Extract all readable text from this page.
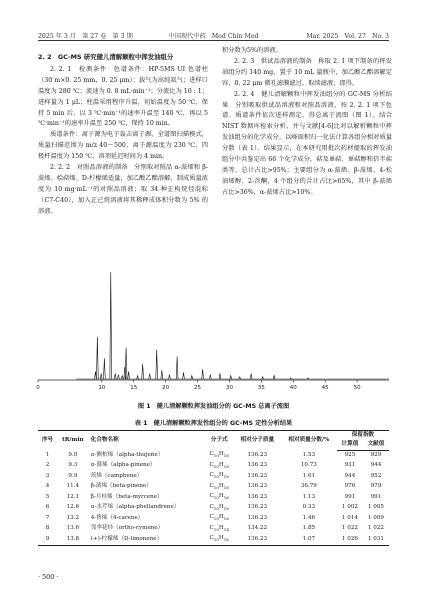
2025 年 3 月　第 27 卷　第 3 期	中国现代中药　Mod Chin Med	Mar. 2025　Vol. 27　No. 3

2. 2　GC-MS 研究健儿清解颗粒中挥发油组分

2. 2. 1　检测条件　色谱条件：HP-5MS UI 色谱柱（30 m×0. 25 mm，0. 25 μm）；载气为高纯氦气；进样口温度为 280 ℃；流速为 0. 8 mL·min⁻¹；分流比为 10 : 1；进样量为 1 μL；柱温采用程序升温，初始温度为 50 ℃，保持 5 min 后，以 3 ℃·min⁻¹的速率升温至 140 ℃，再以 5 ℃·min⁻¹的速率升温至 250 ℃，保持 10 min。

质谱条件：离子源为电子轰击离子源，全谱图扫描模式，质量扫描范围为 m/z 40～500，离子源温度为 230 ℃，四极杆温度为 150 ℃，溶剂延迟时间为 4 min。

2. 2. 2　对照品溶液的制备　分别取对照品 α-蒎烯和 β-蒎烯、桧萜烯、D-柠檬烯适量，加乙酸乙酯溶解，制成质量浓度为 10 mg·mL⁻¹的对照品溶液；取 34 种正构烷烃混标（C7-C40），加入正己烷溶液将其稀释成体积分数为 5% 的溶液。

积分数为5%的溶液。

2. 2. 3　供试品溶液的制备　称取 2. 1 项下制备的挥发油组分约 140 mg，置于 10 mL 量瓶中，加乙酸乙酯溶解定容，0. 22 μm 微孔滤膜滤过，取续滤液，即得。

2. 2. 4　健儿清解颗粒中挥发油组分的 GC-MS 分析结果　分别吸取供试品溶液和对照品溶液，按 2. 2. 1 项下色谱、质谱条件依次进样测定，得总离子流图（图 1）。结合 NIST 数据库检索分析，并与文献[4-6]比对以解析颗粒中挥发油组分的化学成分。以峰面积归一化法计算各组分相对质量分数（表 1）。结果显示，在本研究用批次药材提取的挥发油组分中共鉴定出 66 个化学成分，萜及单萜、单萜醇和倍半萜类等，总计占比>95%；主要组分为 α-蒎烯、β-蒎烯、4-松油烯醇、2-茨酮，4 个组分的合计占比>65%，其中 β-蒎烯占比>36%，α-蒎烯占比>10%。

0	10	15	20	25	30	35	40	45	50
图 1　健儿清解颗粒挥发油组分的 GC-MS 总离子流图
表 1　健儿清解颗粒挥发性组分的 GC-MS 定性分析结果
序号	tR/min	化合物名称	分子式	相对分子质量	相对质量分数/%	保留指数	
						计算值	文献值
1	9.0	α-侧柏烯（alpha-thujene）	$C_{10}H_{16}$	136.23	1.53	925	929
2	9.3	α-蒎烯（alpha-pinene）	$C_{10}H_{16}$	136.23	10.73	931	944
3	9.9	莰烯（camphene）	$C_{10}H_{16}$	136.23	1.61	944	952
4	11.4	β-蒎烯（beta-pinene）	$C_{10}H_{16}$	136.23	36.79	976	979
5	12.1	β-月桂烯（beta-myrcene）	$C_{10}H_{16}$	136.23	1.13	991	991
6	12.6	α-水芹烯（alpha-phellandrene）	$C_{10}H_{16}$	136.23	0.33	1 002	1 005
7	13.2	4-蒈烯（4-carene）	$C_{10}H_{16}$	136.23	1.46	1 014	1 009
8	13.6	邻伞花烃（ortho-cymene）	$C_{10}H_{14}$	134.22	1.85	1 022	1 022
9	13.8	(+)-柠檬烯（D-limonene）	$C_{10}H_{16}$	136.23	1.07	1 026	1 031
· 500 ·
